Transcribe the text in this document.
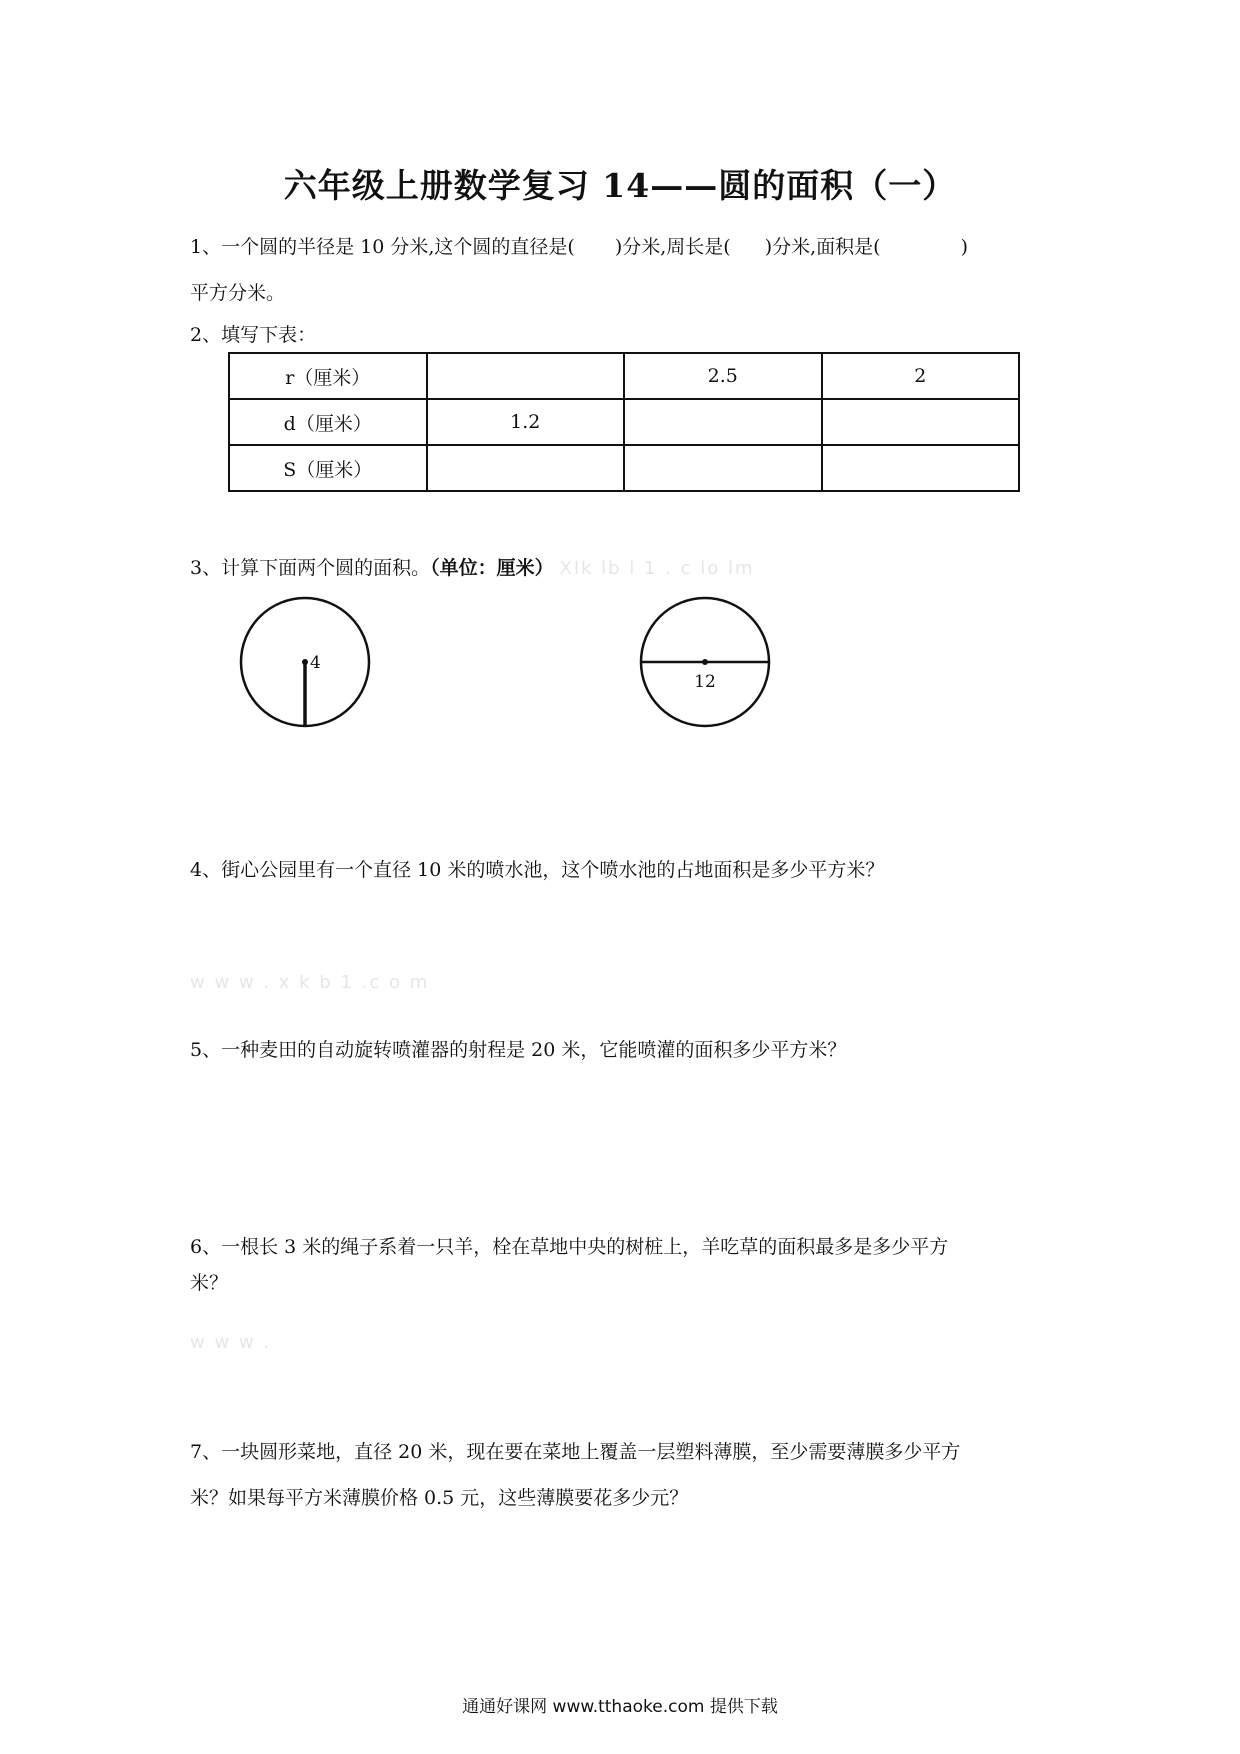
六年级上册数学复习 14——圆的面积（一）
1、一个圆的半径是 10 分米,这个圆的直径是( )分米,周长是( )分米,面积是(	)
平方分米。
2、填写下表：
r（厘米）		2.5	2
d（厘米）	1.2		
S（厘米）			
3、计算下面两个圆的面积。（单位：厘米） Xlk lb l 1 . c lo lm
4
12
4、街心公园里有一个直径 10 米的喷水池，这个喷水池的占地面积是多少平方米？
w w w . x k b 1 .c o m
5、一种麦田的自动旋转喷灌器的射程是 20 米，它能喷灌的面积多少平方米？
6、一根长 3 米的绳子系着一只羊，栓在草地中央的树桩上，羊吃草的面积最多是多少平方
米？
w w w .
7、一块圆形菜地，直径 20 米，现在要在菜地上覆盖一层塑料薄膜，至少需要薄膜多少平方
米？如果每平方米薄膜价格 0.5 元，这些薄膜要花多少元？
通通好课网 www.tthaoke.com 提供下载
